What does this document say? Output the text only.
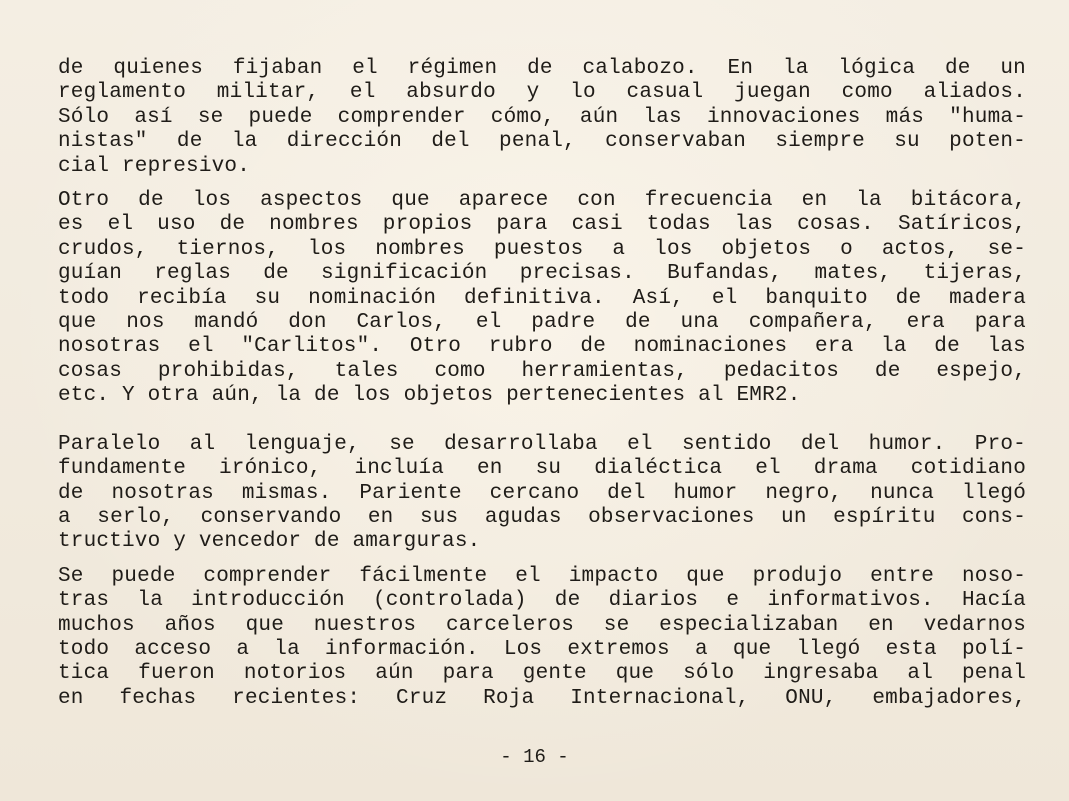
de quienes fijaban el régimen de calabozo. En la lógica de un
reglamento militar, el absurdo y lo casual juegan como aliados.
Sólo así se puede comprender cómo, aún las innovaciones más "huma-
nistas" de la dirección del penal, conservaban siempre su poten-
cial represivo.
Otro de los aspectos que aparece con frecuencia en la bitácora,
es el uso de nombres propios para casi todas las cosas. Satíricos,
crudos, tiernos, los nombres puestos a los objetos o actos, se-
guían reglas de significación precisas. Bufandas, mates, tijeras,
todo recibía su nominación definitiva. Así, el banquito de madera
que nos mandó don Carlos, el padre de una compañera, era para
nosotras el "Carlitos". Otro rubro de nominaciones era la de las
cosas prohibidas, tales como herramientas, pedacitos de espejo,
etc. Y otra aún, la de los objetos pertenecientes al EMR2.
Paralelo al lenguaje, se desarrollaba el sentido del humor. Pro-
fundamente irónico, incluía en su dialéctica el drama cotidiano
de nosotras mismas. Pariente cercano del humor negro, nunca llegó
a serlo, conservando en sus agudas observaciones un espíritu cons-
tructivo y vencedor de amarguras.
Se puede comprender fácilmente el impacto que produjo entre noso-
tras la introducción (controlada) de diarios e informativos. Hacía
muchos años que nuestros carceleros se especializaban en vedarnos
todo acceso a la información. Los extremos a que llegó esta polí-
tica fueron notorios aún para gente que sólo ingresaba al penal
en fechas recientes: Cruz Roja Internacional, ONU, embajadores,
- 16 -
